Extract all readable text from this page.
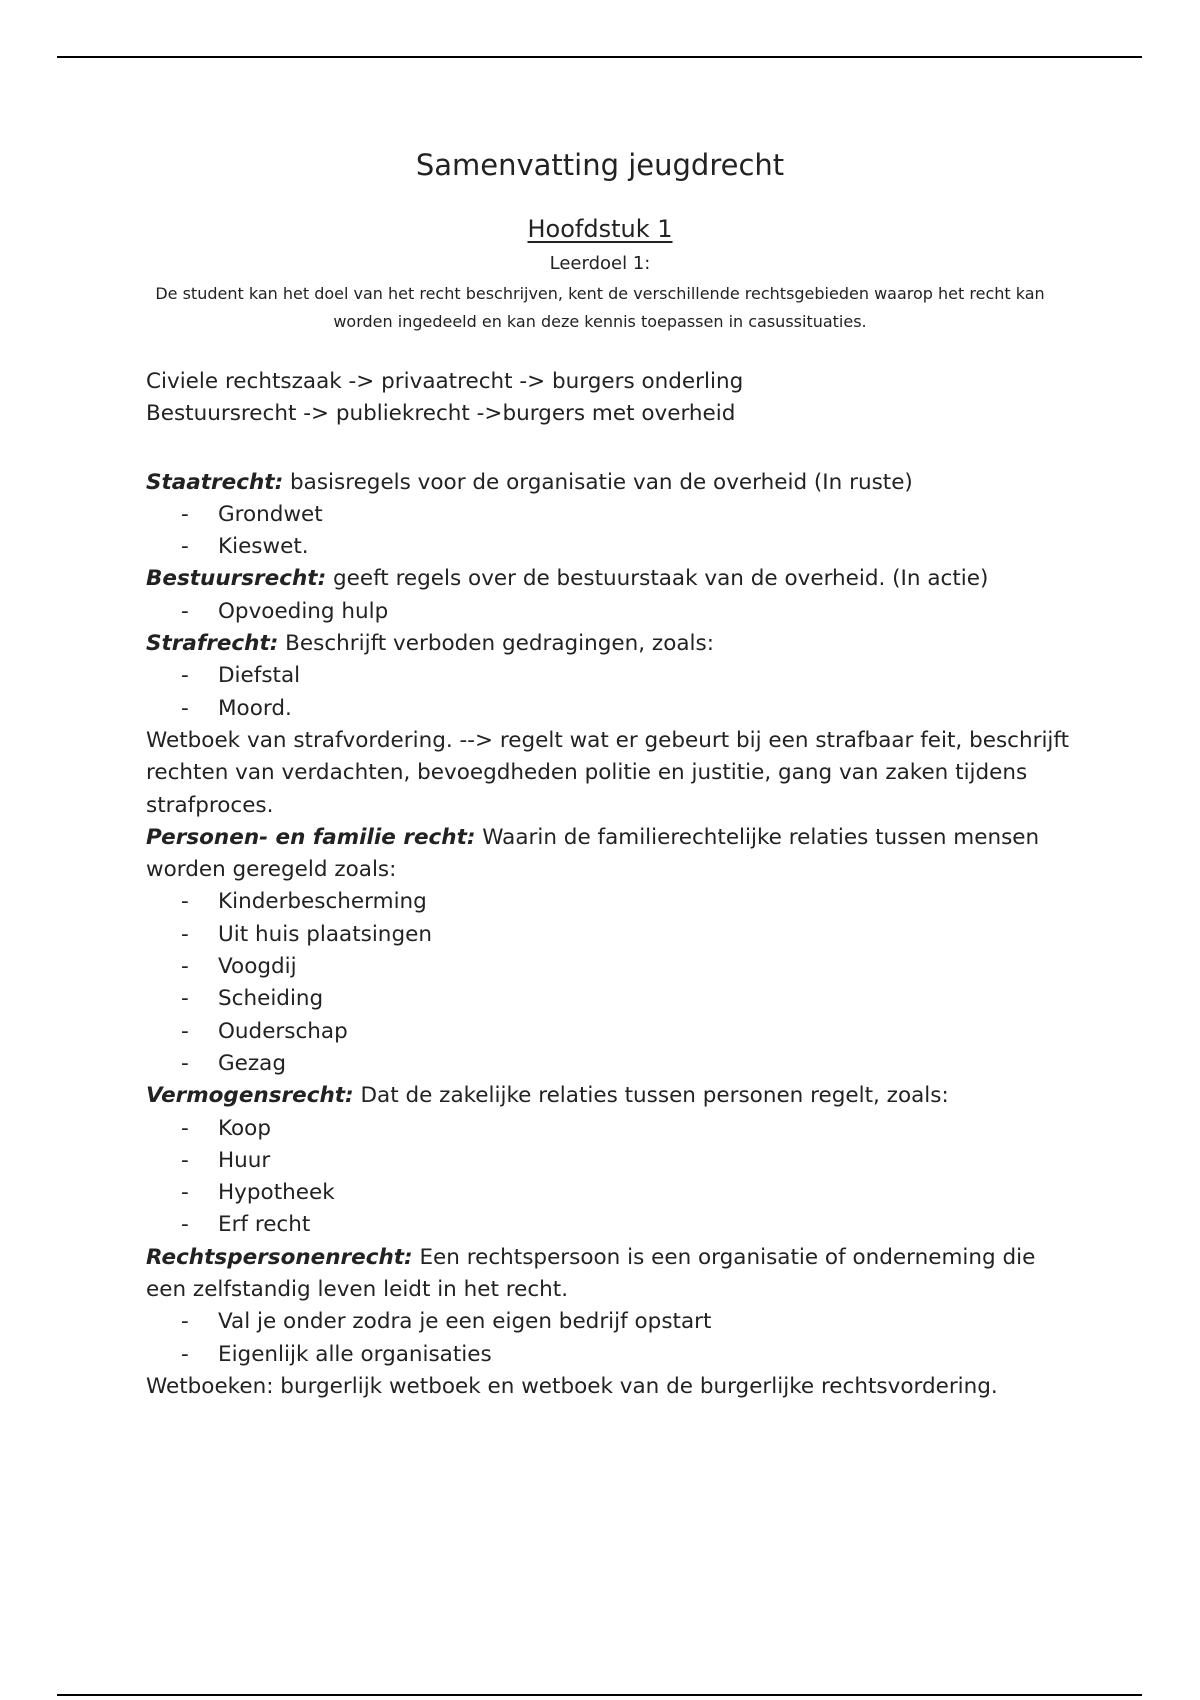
Samenvatting jeugdrecht
Hoofdstuk 1
Leerdoel 1:
De student kan het doel van het recht beschrijven, kent de verschillende rechtsgebieden waarop het recht kan worden ingedeeld en kan deze kennis toepassen in casussituaties.

Civiele rechtszaak -> privaatrecht -> burgers onderling

Bestuursrecht -> publiekrecht ->burgers met overheid

Staatrecht: basisregels voor de organisatie van de overheid (In ruste)

- Grondwet
- Kieswet.

Bestuursrecht: geeft regels over de bestuurstaak van de overheid. (In actie)

- Opvoeding hulp

Strafrecht: Beschrijft verboden gedragingen, zoals:

- Diefstal
- Moord.

Wetboek van strafvordering. --> regelt wat er gebeurt bij een strafbaar feit, beschrijft rechten van verdachten, bevoegdheden politie en justitie, gang van zaken tijdens strafproces.

Personen- en familie recht: Waarin de familierechtelijke relaties tussen mensen worden geregeld zoals:

- Kinderbescherming
- Uit huis plaatsingen
- Voogdij
- Scheiding
- Ouderschap
- Gezag

Vermogensrecht: Dat de zakelijke relaties tussen personen regelt, zoals:

- Koop
- Huur
- Hypotheek
- Erf recht

Rechtspersonenrecht: Een rechtspersoon is een organisatie of onderneming die een zelfstandig leven leidt in het recht.

- Val je onder zodra je een eigen bedrijf opstart
- Eigenlijk alle organisaties

Wetboeken: burgerlijk wetboek en wetboek van de burgerlijke rechtsvordering.
